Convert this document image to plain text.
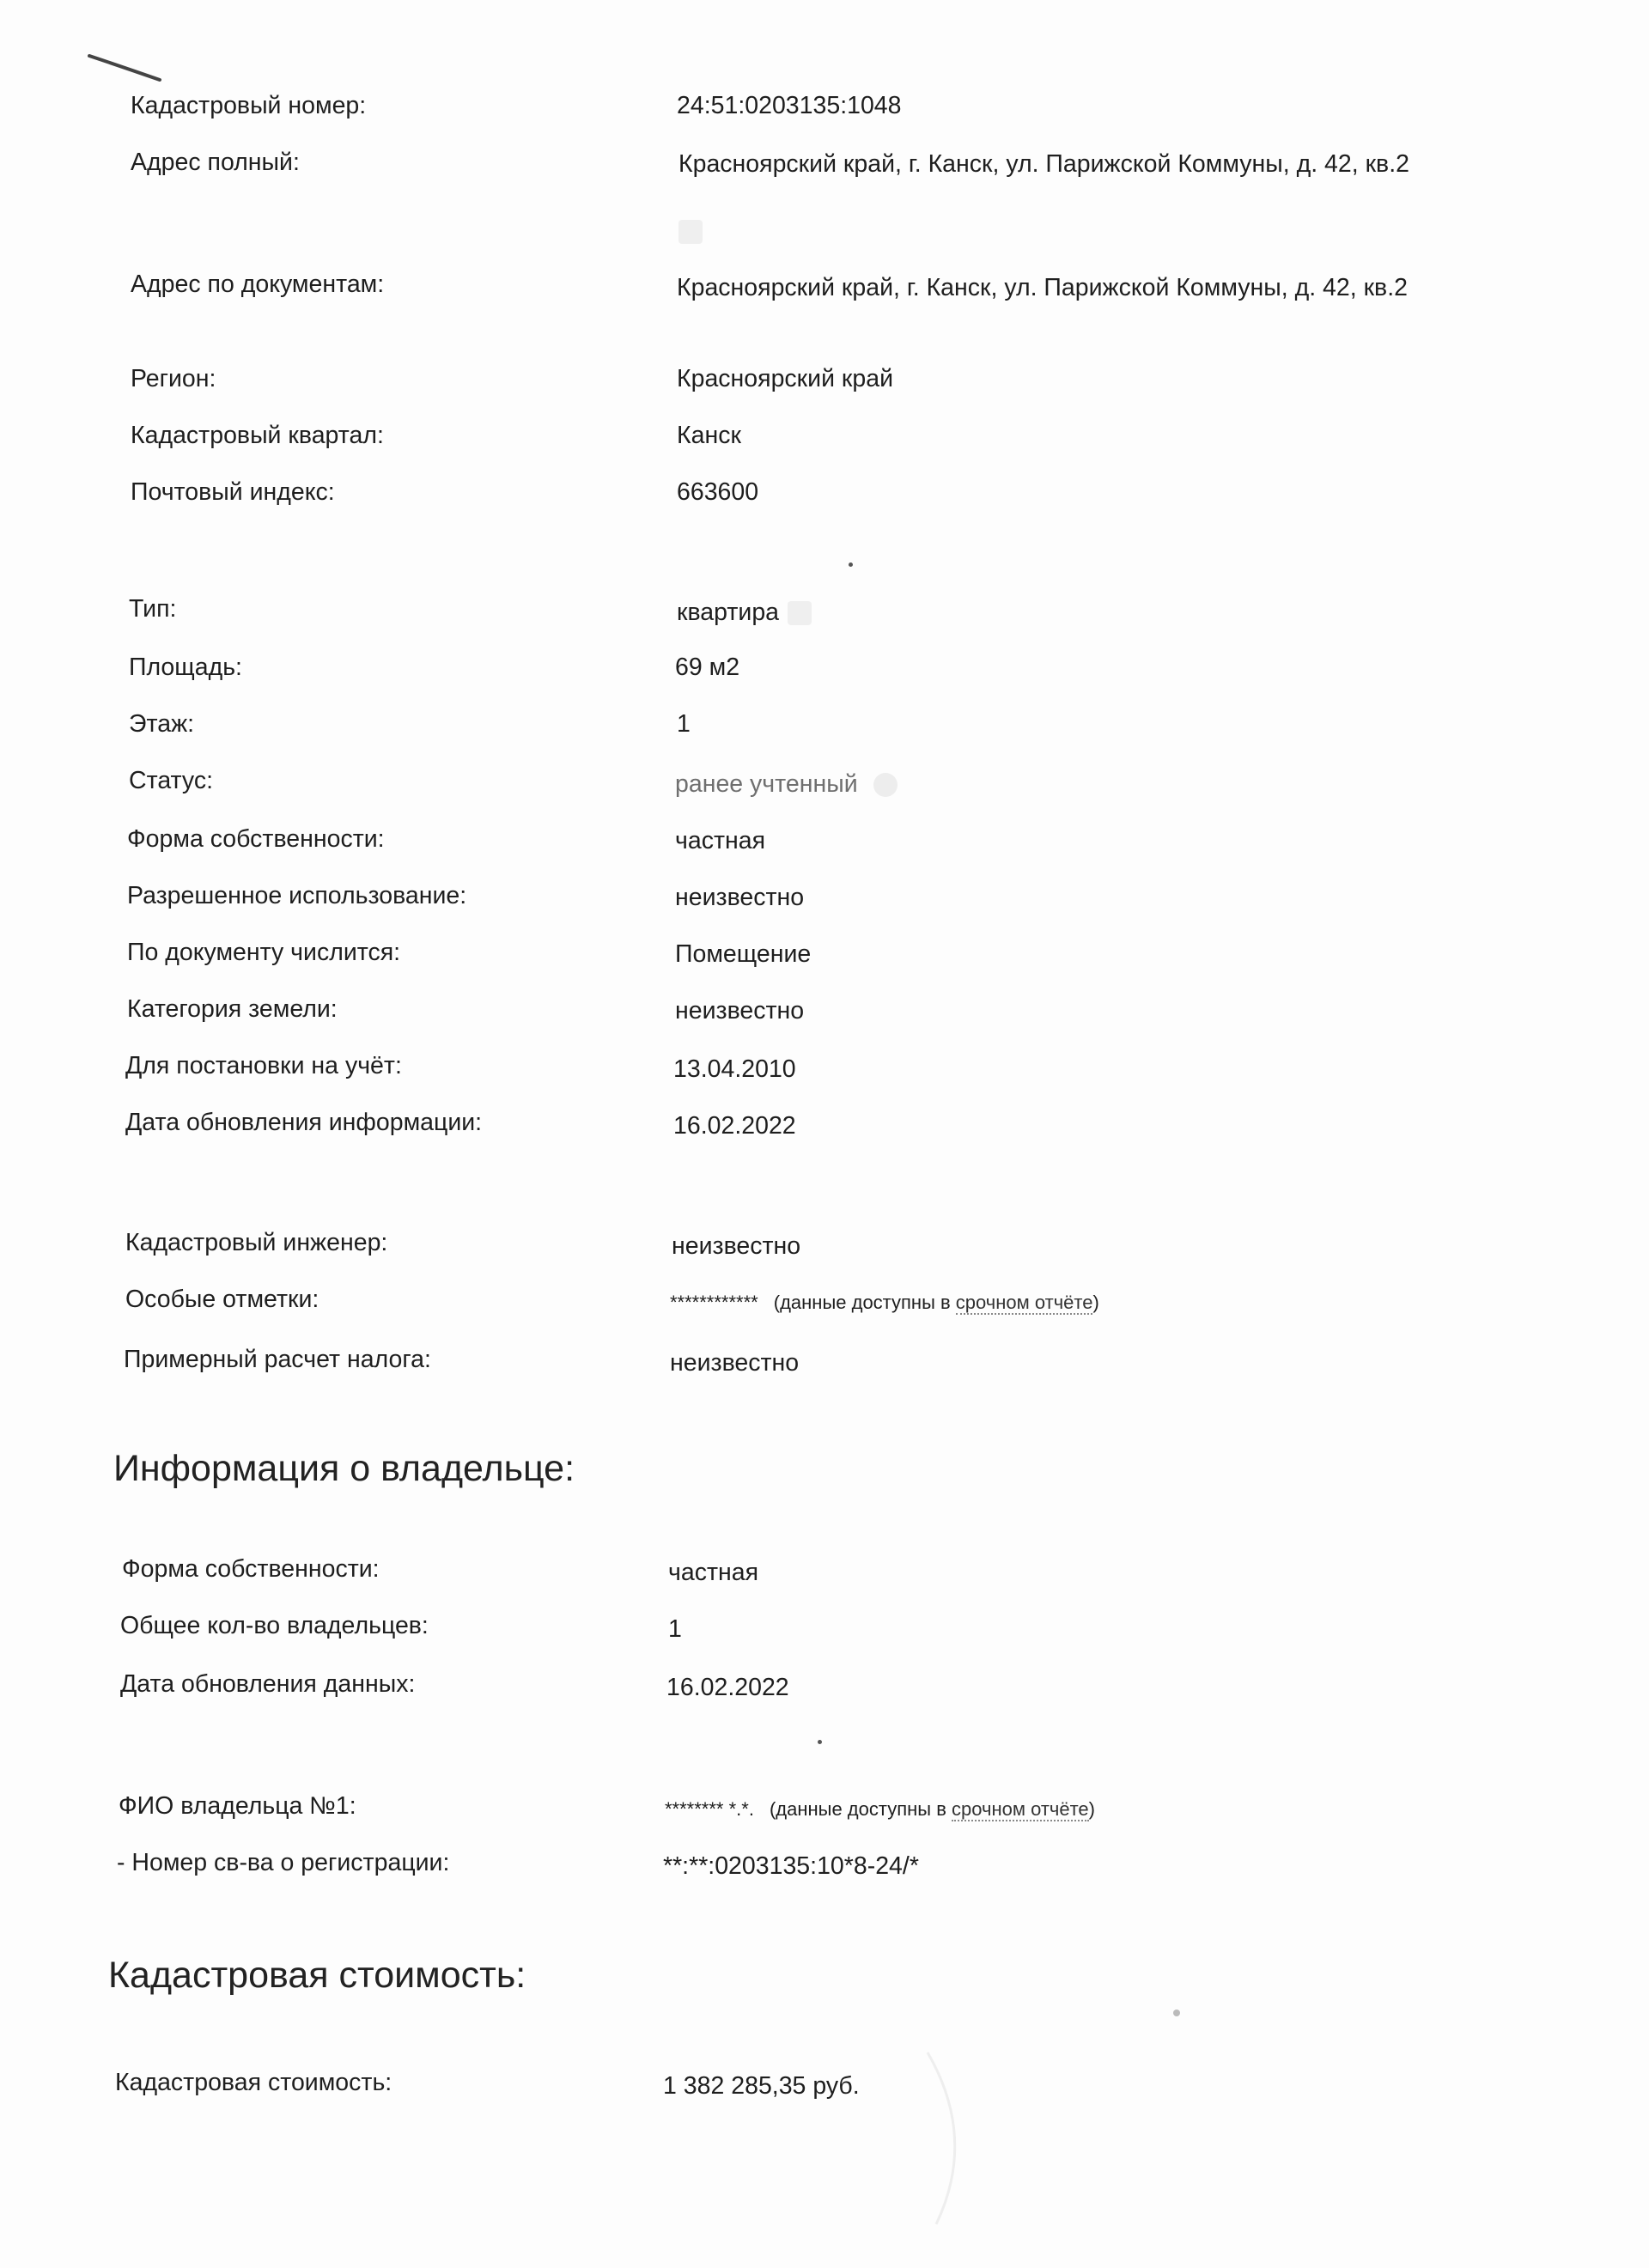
Кадастровый номер:	24:51:0203135:1048
Адрес полный:	Красноярский край, г. Канск, ул. Парижской Коммуны, д. 42, кв.2
Адрес по документам:	Красноярский край, г. Канск, ул. Парижской Коммуны, д. 42, кв.2
Регион:	Красноярский край
Кадастровый квартал:	Канск
Почтовый индекс:	663600
Тип:	квартира
Площадь:	69 м2
Этаж:	1
Статус:	ранее учтенный
Форма собственности:	частная
Разрешенное использование:	неизвестно
По документу числится:	Помещение
Категория земели:	неизвестно
Для постановки на учёт:	13.04.2010
Дата обновления информации:	16.02.2022
Кадастровый инженер:	неизвестно
Особые отметки:	************ (данные доступны в срочном отчёте)
Примерный расчет налога:	неизвестно
Информация о владельце:
Форма собственности:	частная
Общее кол-во владельцев:	1
Дата обновления данных:	16.02.2022
ФИО владельца №1:	******** *.*. (данные доступны в срочном отчёте)
- Номер св-ва о регистрации:	**:**:0203135:10*8-24/*
Кадастровая стоимость:
Кадастровая стоимость:	1 382 285,35 руб.
